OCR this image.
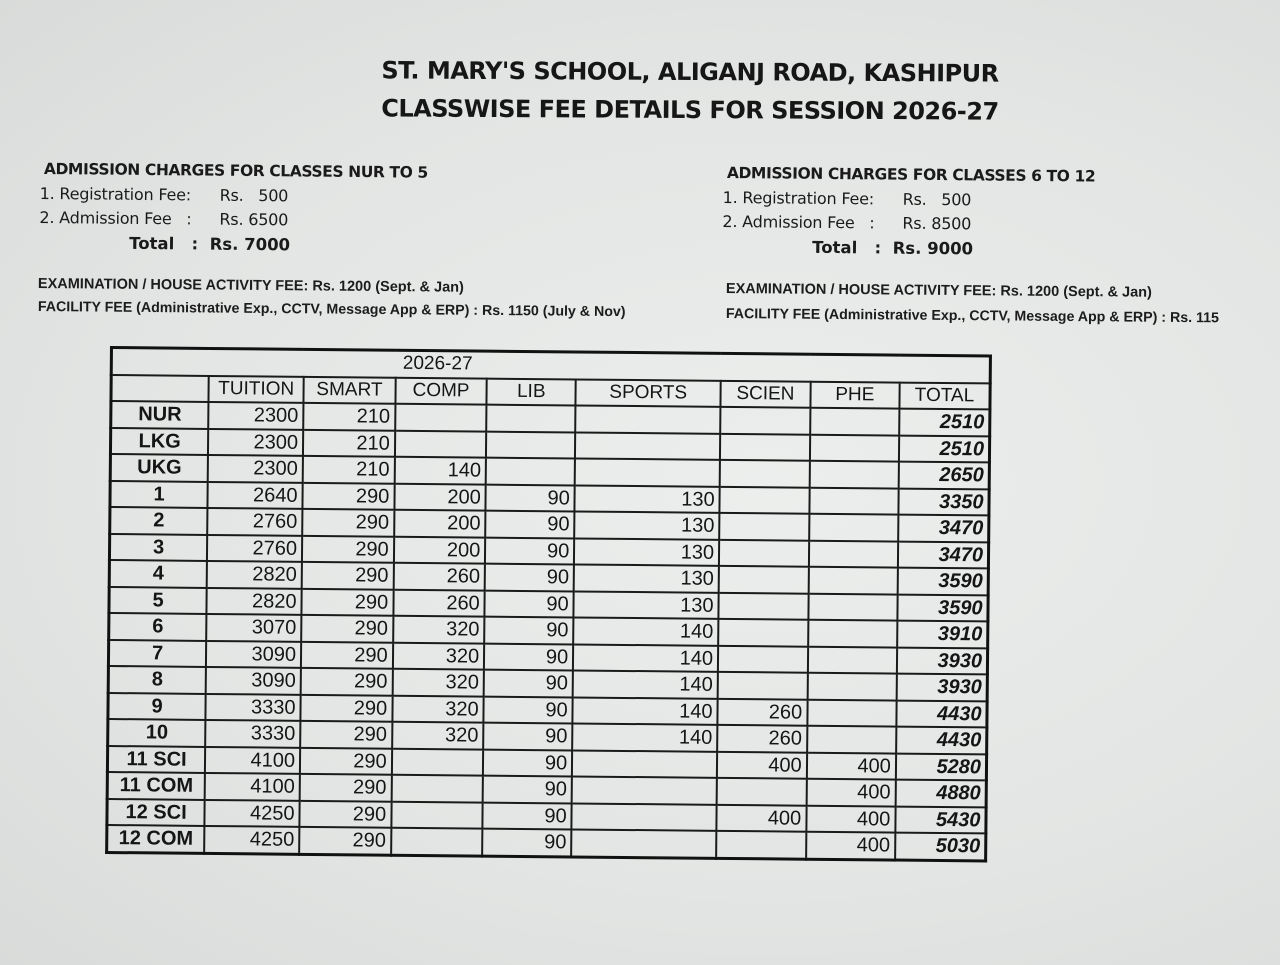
ST. MARY'S SCHOOL, ALIGANJ ROAD, KASHIPUR
CLASSWISE FEE DETAILS FOR SESSION 2026-27
ADMISSION CHARGES FOR CLASSES NUR TO 5
1. Registration Fee: Rs.   500
2. Admission Fee   : Rs. 6500
Total   : Rs. 7000
ADMISSION CHARGES FOR CLASSES 6 TO 12
1. Registration Fee: Rs.   500
2. Admission Fee   : Rs. 8500
Total   : Rs. 9000
EXAMINATION / HOUSE ACTIVITY FEE: Rs. 1200 (Sept. & Jan)
FACILITY FEE (Administrative Exp., CCTV, Message App & ERP) : Rs. 1150 (July & Nov)
EXAMINATION / HOUSE ACTIVITY FEE: Rs. 1200 (Sept. & Jan)
FACILITY FEE (Administrative Exp., CCTV, Message App & ERP) : Rs. 115
2026-27								
	TUITION	SMART	COMP	LIB	SPORTS	SCIEN	PHE	TOTAL
NUR	2300	210						2510
LKG	2300	210						2510
UKG	2300	210	140					2650
1	2640	290	200	90	130			3350
2	2760	290	200	90	130			3470
3	2760	290	200	90	130			3470
4	2820	290	260	90	130			3590
5	2820	290	260	90	130			3590
6	3070	290	320	90	140			3910
7	3090	290	320	90	140			3930
8	3090	290	320	90	140			3930
9	3330	290	320	90	140	260		4430
10	3330	290	320	90	140	260		4430
11 SCI	4100	290		90		400	400	5280
11 COM	4100	290		90			400	4880
12 SCI	4250	290		90		400	400	5430
12 COM	4250	290		90			400	5030
